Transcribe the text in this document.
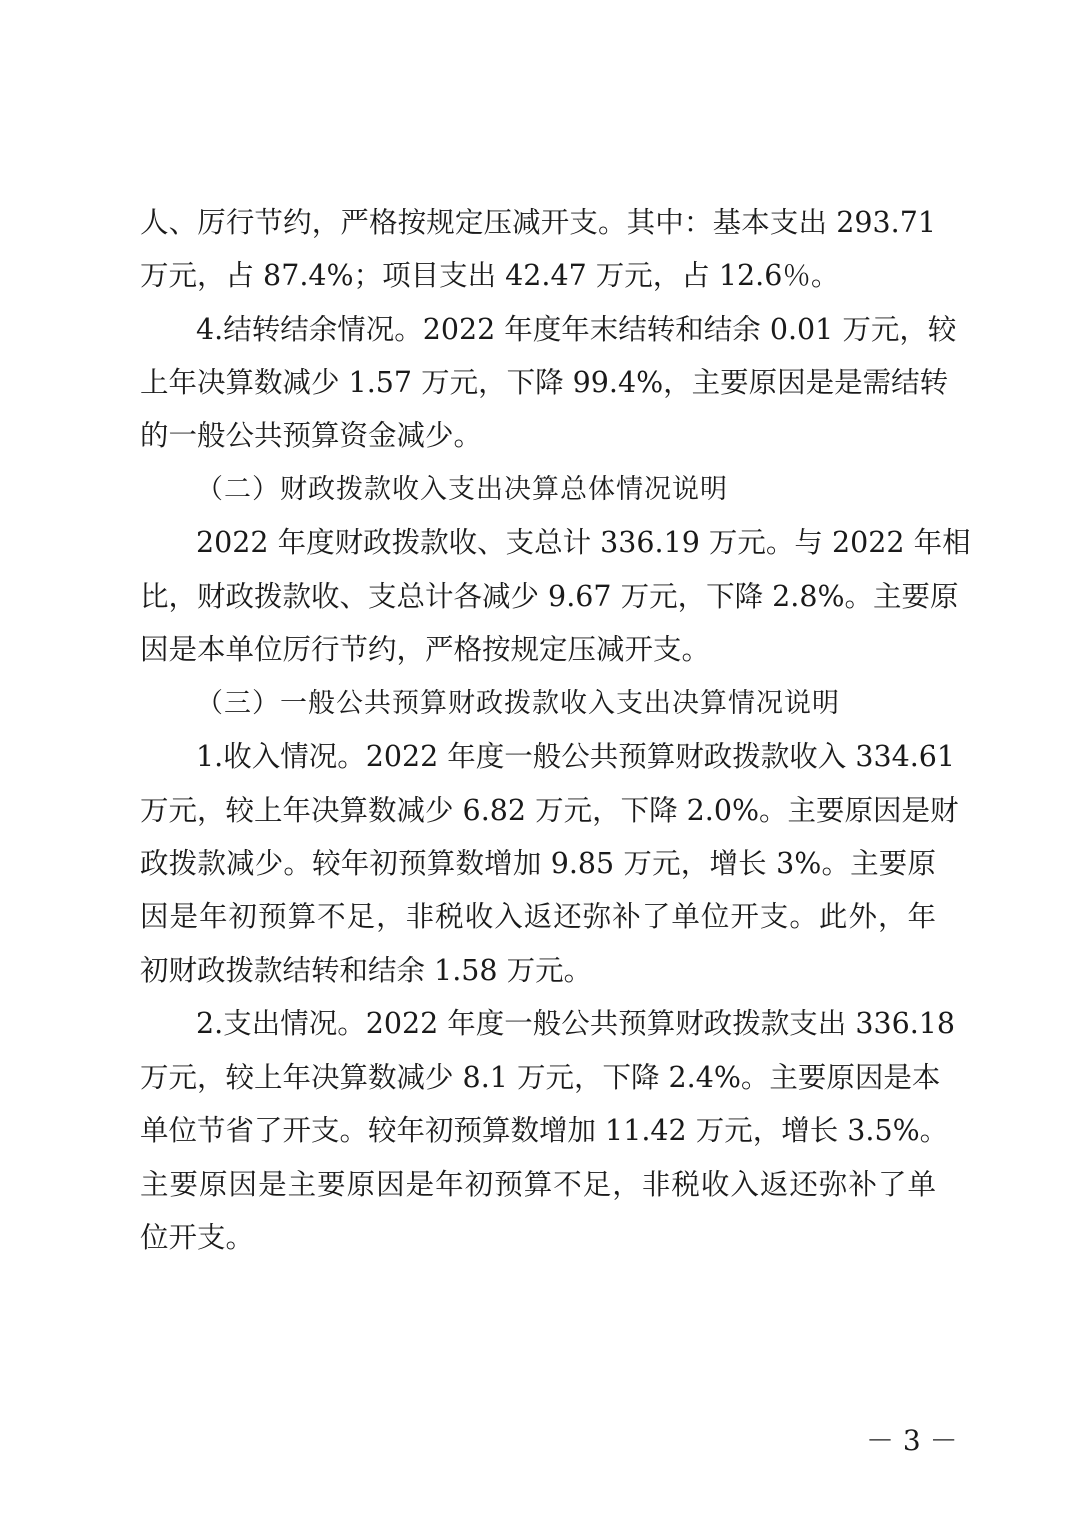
人、厉行节约，严格按规定压减开支。其中：基本支出 293.71
万元，占 87.4%；项目支出 42.47 万元，占 12.6％。
4.结转结余情况。2022 年度年末结转和结余 0.01 万元，较
上年决算数减少 1.57 万元，下降 99.4%，主要原因是是需结转
的一般公共预算资金减少。
（二）财政拨款收入支出决算总体情况说明
2022 年度财政拨款收、支总计 336.19 万元。与 2022 年相
比，财政拨款收、支总计各减少 9.67 万元，下降 2.8%。主要原
因是本单位厉行节约，严格按规定压减开支。
（三）一般公共预算财政拨款收入支出决算情况说明
1.收入情况。2022 年度一般公共预算财政拨款收入 334.61
万元，较上年决算数减少 6.82 万元，下降 2.0%。主要原因是财
政拨款减少。较年初预算数增加 9.85 万元，增长 3%。主要原
因是年初预算不足，非税收入返还弥补了单位开支。此外，年
初财政拨款结转和结余 1.58 万元。
2.支出情况。2022 年度一般公共预算财政拨款支出 336.18
万元，较上年决算数减少 8.1 万元，下降 2.4%。主要原因是本
单位节省了开支。较年初预算数增加 11.42 万元，增长 3.5%。
主要原因是主要原因是年初预算不足，非税收入返还弥补了单
位开支。
－ 3 －
